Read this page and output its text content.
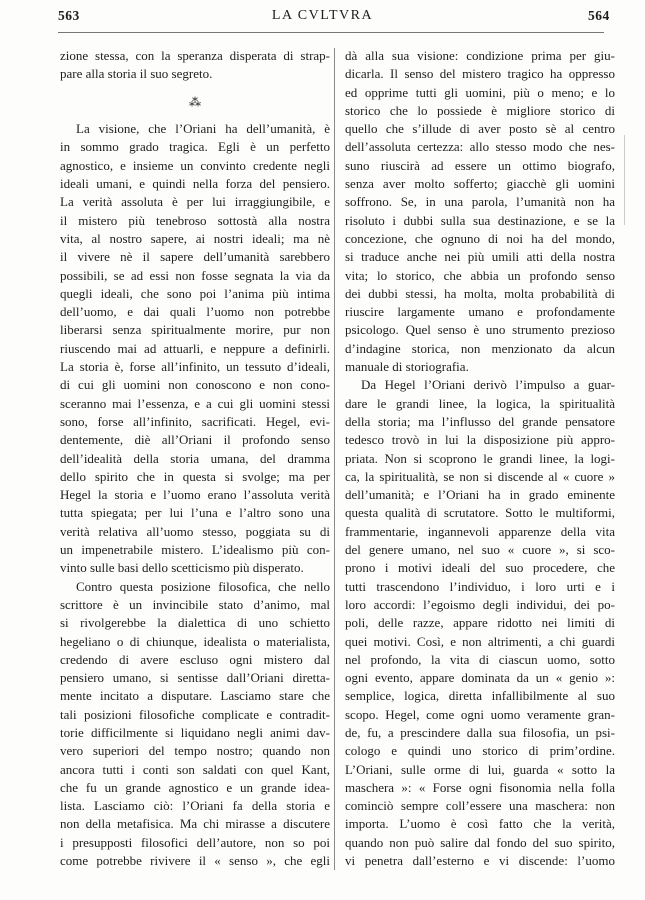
563	LA CVLTVRA	564
zione stessa, con la speranza disperata di strap-
pare alla storia il suo segreto.
⁂
La visione, che l’Oriani ha dell’umanità, è
in sommo grado tragica. Egli è un perfetto
agnostico, e insieme un convinto credente negli
ideali umani, e quindi nella forza del pensiero.
La verità assoluta è per lui irraggiungibile, e
il mistero più tenebroso sottostà alla nostra
vita, al nostro sapere, ai nostri ideali; ma nè
il vivere nè il sapere dell’umanità sarebbero
possibili, se ad essi non fosse segnata la via da
quegli ideali, che sono poi l’anima più intima
dell’uomo, e dai quali l’uomo non potrebbe
liberarsi senza spiritualmente morire, pur non
riuscendo mai ad attuarli, e neppure a definirli.
La storia è, forse all’infinito, un tessuto d’ideali,
di cui gli uomini non conoscono e non cono-
sceranno mai l’essenza, e a cui gli uomini stessi
sono, forse all’infinito, sacrificati. Hegel, evi-
dentemente, diè all’Oriani il profondo senso
dell’idealità della storia umana, del dramma
dello spirito che in questa si svolge; ma per
Hegel la storia e l’uomo erano l’assoluta verità
tutta spiegata; per lui l’una e l’altro sono una
verità relativa all’uomo stesso, poggiata su di
un impenetrabile mistero. L’idealismo più con-
vinto sulle basi dello scetticismo più disperato.
Contro questa posizione filosofica, che nello
scrittore è un invincibile stato d’animo, mal
si rivolgerebbe la dialettica di uno schietto
hegeliano o di chiunque, idealista o materialista,
credendo di avere escluso ogni mistero dal
pensiero umano, si sentisse dall’Oriani diretta-
mente incitato a disputare. Lasciamo stare che
tali posizioni filosofiche complicate e contradit-
torie difficilmente si liquidano negli animi dav-
vero superiori del tempo nostro; quando non
ancora tutti i conti son saldati con quel Kant,
che fu un grande agnostico e un grande idea-
lista. Lasciamo ciò: l’Oriani fa della storia e
non della metafisica. Ma chi mirasse a discutere
i presupposti filosofici dell’autore, non so poi
come potrebbe rivivere il « senso », che egli
dà alla sua visione: condizione prima per giu-
dicarla. Il senso del mistero tragico ha oppresso
ed opprime tutti gli uomini, più o meno; e lo
storico che lo possiede è migliore storico di
quello che s’illude di aver posto sè al centro
dell’assoluta certezza: allo stesso modo che nes-
suno riuscirà ad essere un ottimo biografo,
senza aver molto sofferto; giacchè gli uomini
soffrono. Se, in una parola, l’umanità non ha
risoluto i dubbi sulla sua destinazione, e se la
concezione, che ognuno di noi ha del mondo,
si traduce anche nei più umili atti della nostra
vita; lo storico, che abbia un profondo senso
dei dubbi stessi, ha molta, molta probabilità di
riuscire largamente umano e profondamente
psicologo. Quel senso è uno strumento prezioso
d’indagine storica, non menzionato da alcun
manuale di storiografia.
Da Hegel l’Oriani derivò l’impulso a guar-
dare le grandi linee, la logica, la spiritualità
della storia; ma l’influsso del grande pensatore
tedesco trovò in lui la disposizione più appro-
priata. Non si scoprono le grandi linee, la logi-
ca, la spiritualità, se non si discende al « cuore »
dell’umanità; e l’Oriani ha in grado eminente
questa qualità di scrutatore. Sotto le multiformi,
frammentarie, ingannevoli apparenze della vita
del genere umano, nel suo « cuore », si sco-
prono i motivi ideali del suo procedere, che
tutti trascendono l’individuo, i loro urti e i
loro accordi: l’egoismo degli individui, dei po-
poli, delle razze, appare ridotto nei limiti di
quei motivi. Così, e non altrimenti, a chi guardi
nel profondo, la vita di ciascun uomo, sotto
ogni evento, appare dominata da un « genio »:
semplice, logica, diretta infallibilmente al suo
scopo. Hegel, come ogni uomo veramente gran-
de, fu, a prescindere dalla sua filosofia, un psi-
cologo e quindi uno storico di prim’ordine.
L’Oriani, sulle orme di lui, guarda « sotto la
maschera »: « Forse ogni fisonomia nella folla
cominciò sempre coll’essere una maschera: non
importa. L’uomo è così fatto che la verità,
quando non può salire dal fondo del suo spirito,
vi penetra dall’esterno e vi discende: l’uomo
